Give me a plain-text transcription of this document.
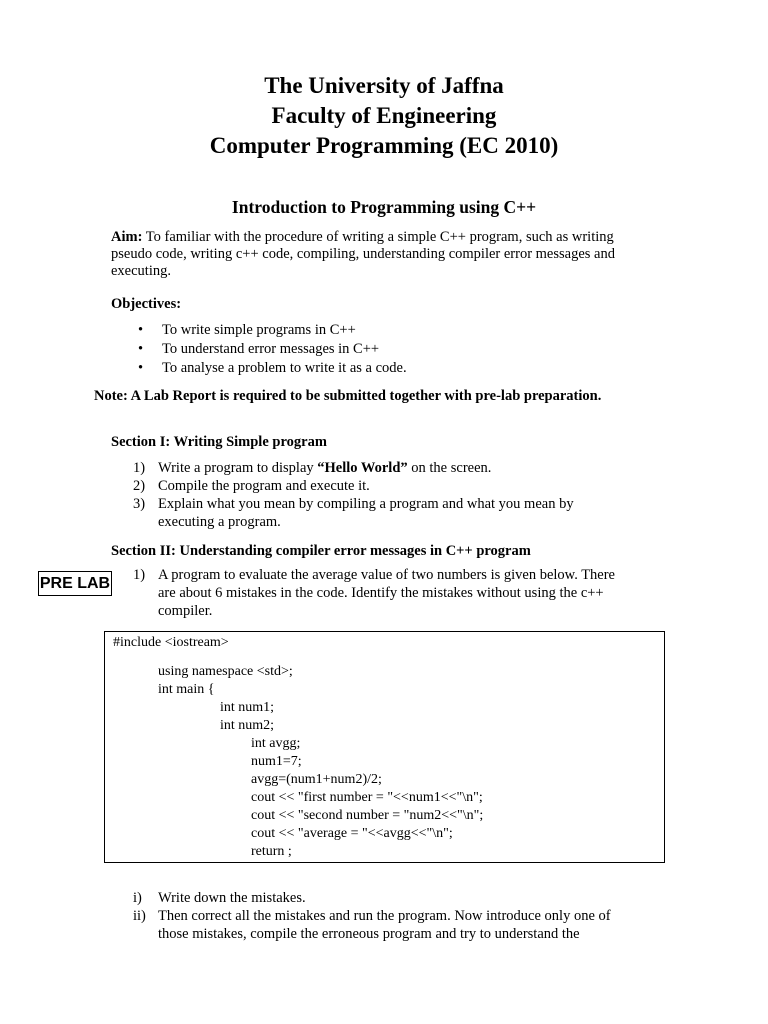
The University of Jaffna
Faculty of Engineering
Computer Programming (EC 2010)
Introduction to Programming using C++
Aim: To familiar with the procedure of writing a simple C++ program, such as writing
pseudo code, writing c++ code, compiling, understanding compiler error messages and
executing.
Objectives:
• To write simple programs in C++
• To understand error messages in C++
• To analyse a problem to write it as a code.
Note: A Lab Report is required to be submitted together with pre-lab preparation.
Section I: Writing Simple program
1) Write a program to display “Hello World” on the screen.
2) Compile the program and execute it.
3) Explain what you mean by compiling a program and what you mean by
executing a program.
Section II: Understanding compiler error messages in C++ program
PRE LAB 1) A program to evaluate the average value of two numbers is given below. There
are about 6 mistakes in the code. Identify the mistakes without using the c++
compiler.
#include <iostream>
using namespace <std>;
int main {
int num1;
int num2;
int avgg;
num1=7;
avgg=(num1+num2)/2;
cout << "first number = "<<num1<<"\n";
cout << "second number = "num2<<"\n";
cout << "average = "<<avgg<<"\n";
return ;
i) Write down the mistakes.
ii) Then correct all the mistakes and run the program. Now introduce only one of
those mistakes, compile the erroneous program and try to understand the
